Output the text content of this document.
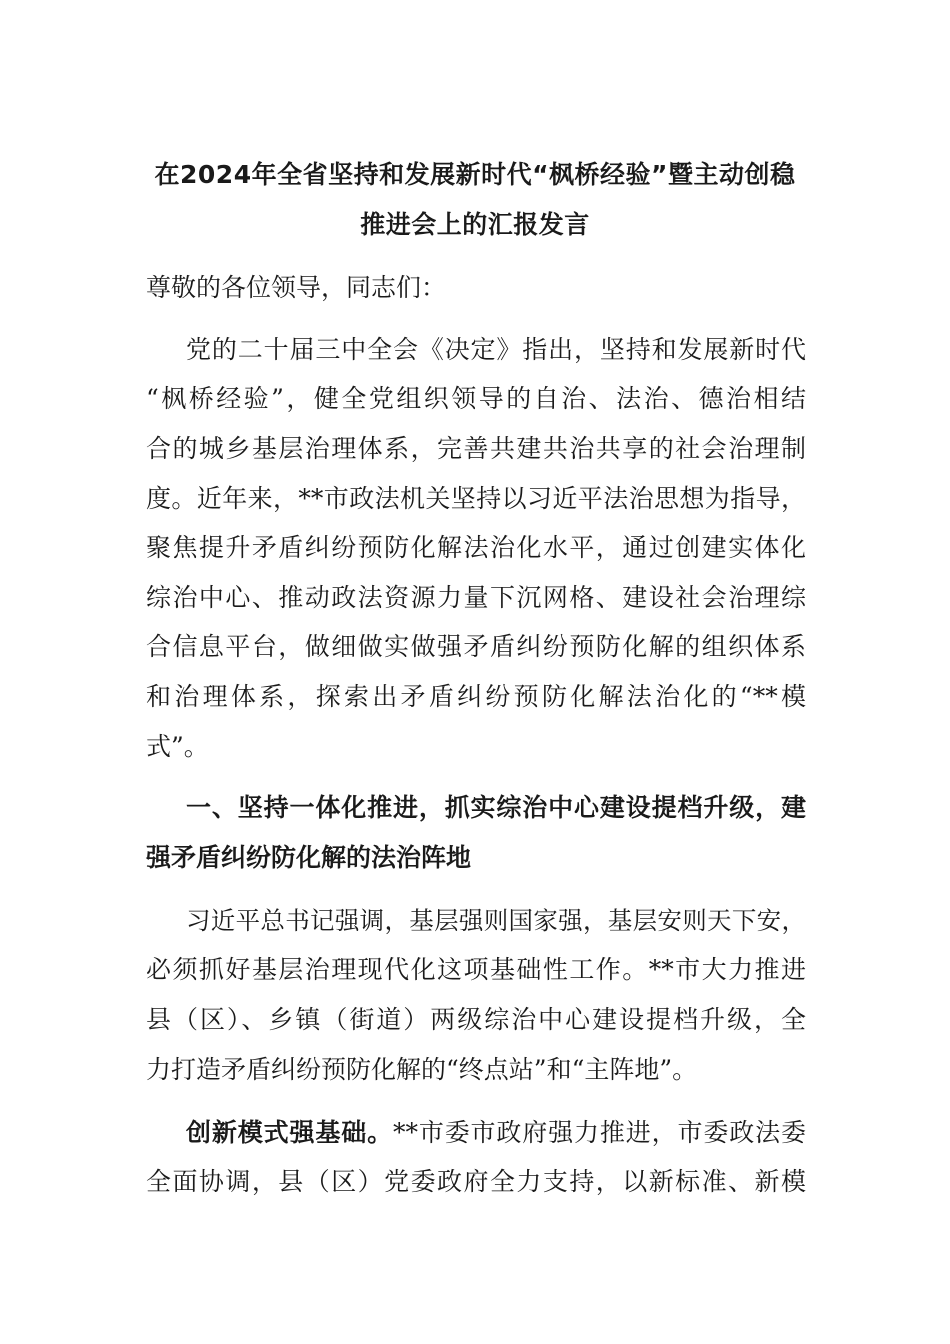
在2024年全省坚持和发展新时代“枫桥经验”暨主动创稳
推进会上的汇报发言
尊敬的各位领导，同志们：
党的二十届三中全会《决定》指出，坚持和发展新时代
“枫桥经验”，健全党组织领导的自治、法治、德治相结
合的城乡基层治理体系，完善共建共治共享的社会治理制
度。近年来，**市政法机关坚持以习近平法治思想为指导，
聚焦提升矛盾纠纷预防化解法治化水平，通过创建实体化
综治中心、推动政法资源力量下沉网格、建设社会治理综
合信息平台，做细做实做强矛盾纠纷预防化解的组织体系
和治理体系，探索出矛盾纠纷预防化解法治化的“**模
式”。
一、坚持一体化推进，抓实综治中心建设提档升级，建
强矛盾纠纷防化解的法治阵地
习近平总书记强调，基层强则国家强，基层安则天下安，
必须抓好基层治理现代化这项基础性工作。**市大力推进
县（区）、乡镇（街道）两级综治中心建设提档升级，全
力打造矛盾纠纷预防化解的“终点站”和“主阵地”。
创新模式强基础。**市委市政府强力推进，市委政法委
全面协调，县（区）党委政府全力支持，以新标准、新模
